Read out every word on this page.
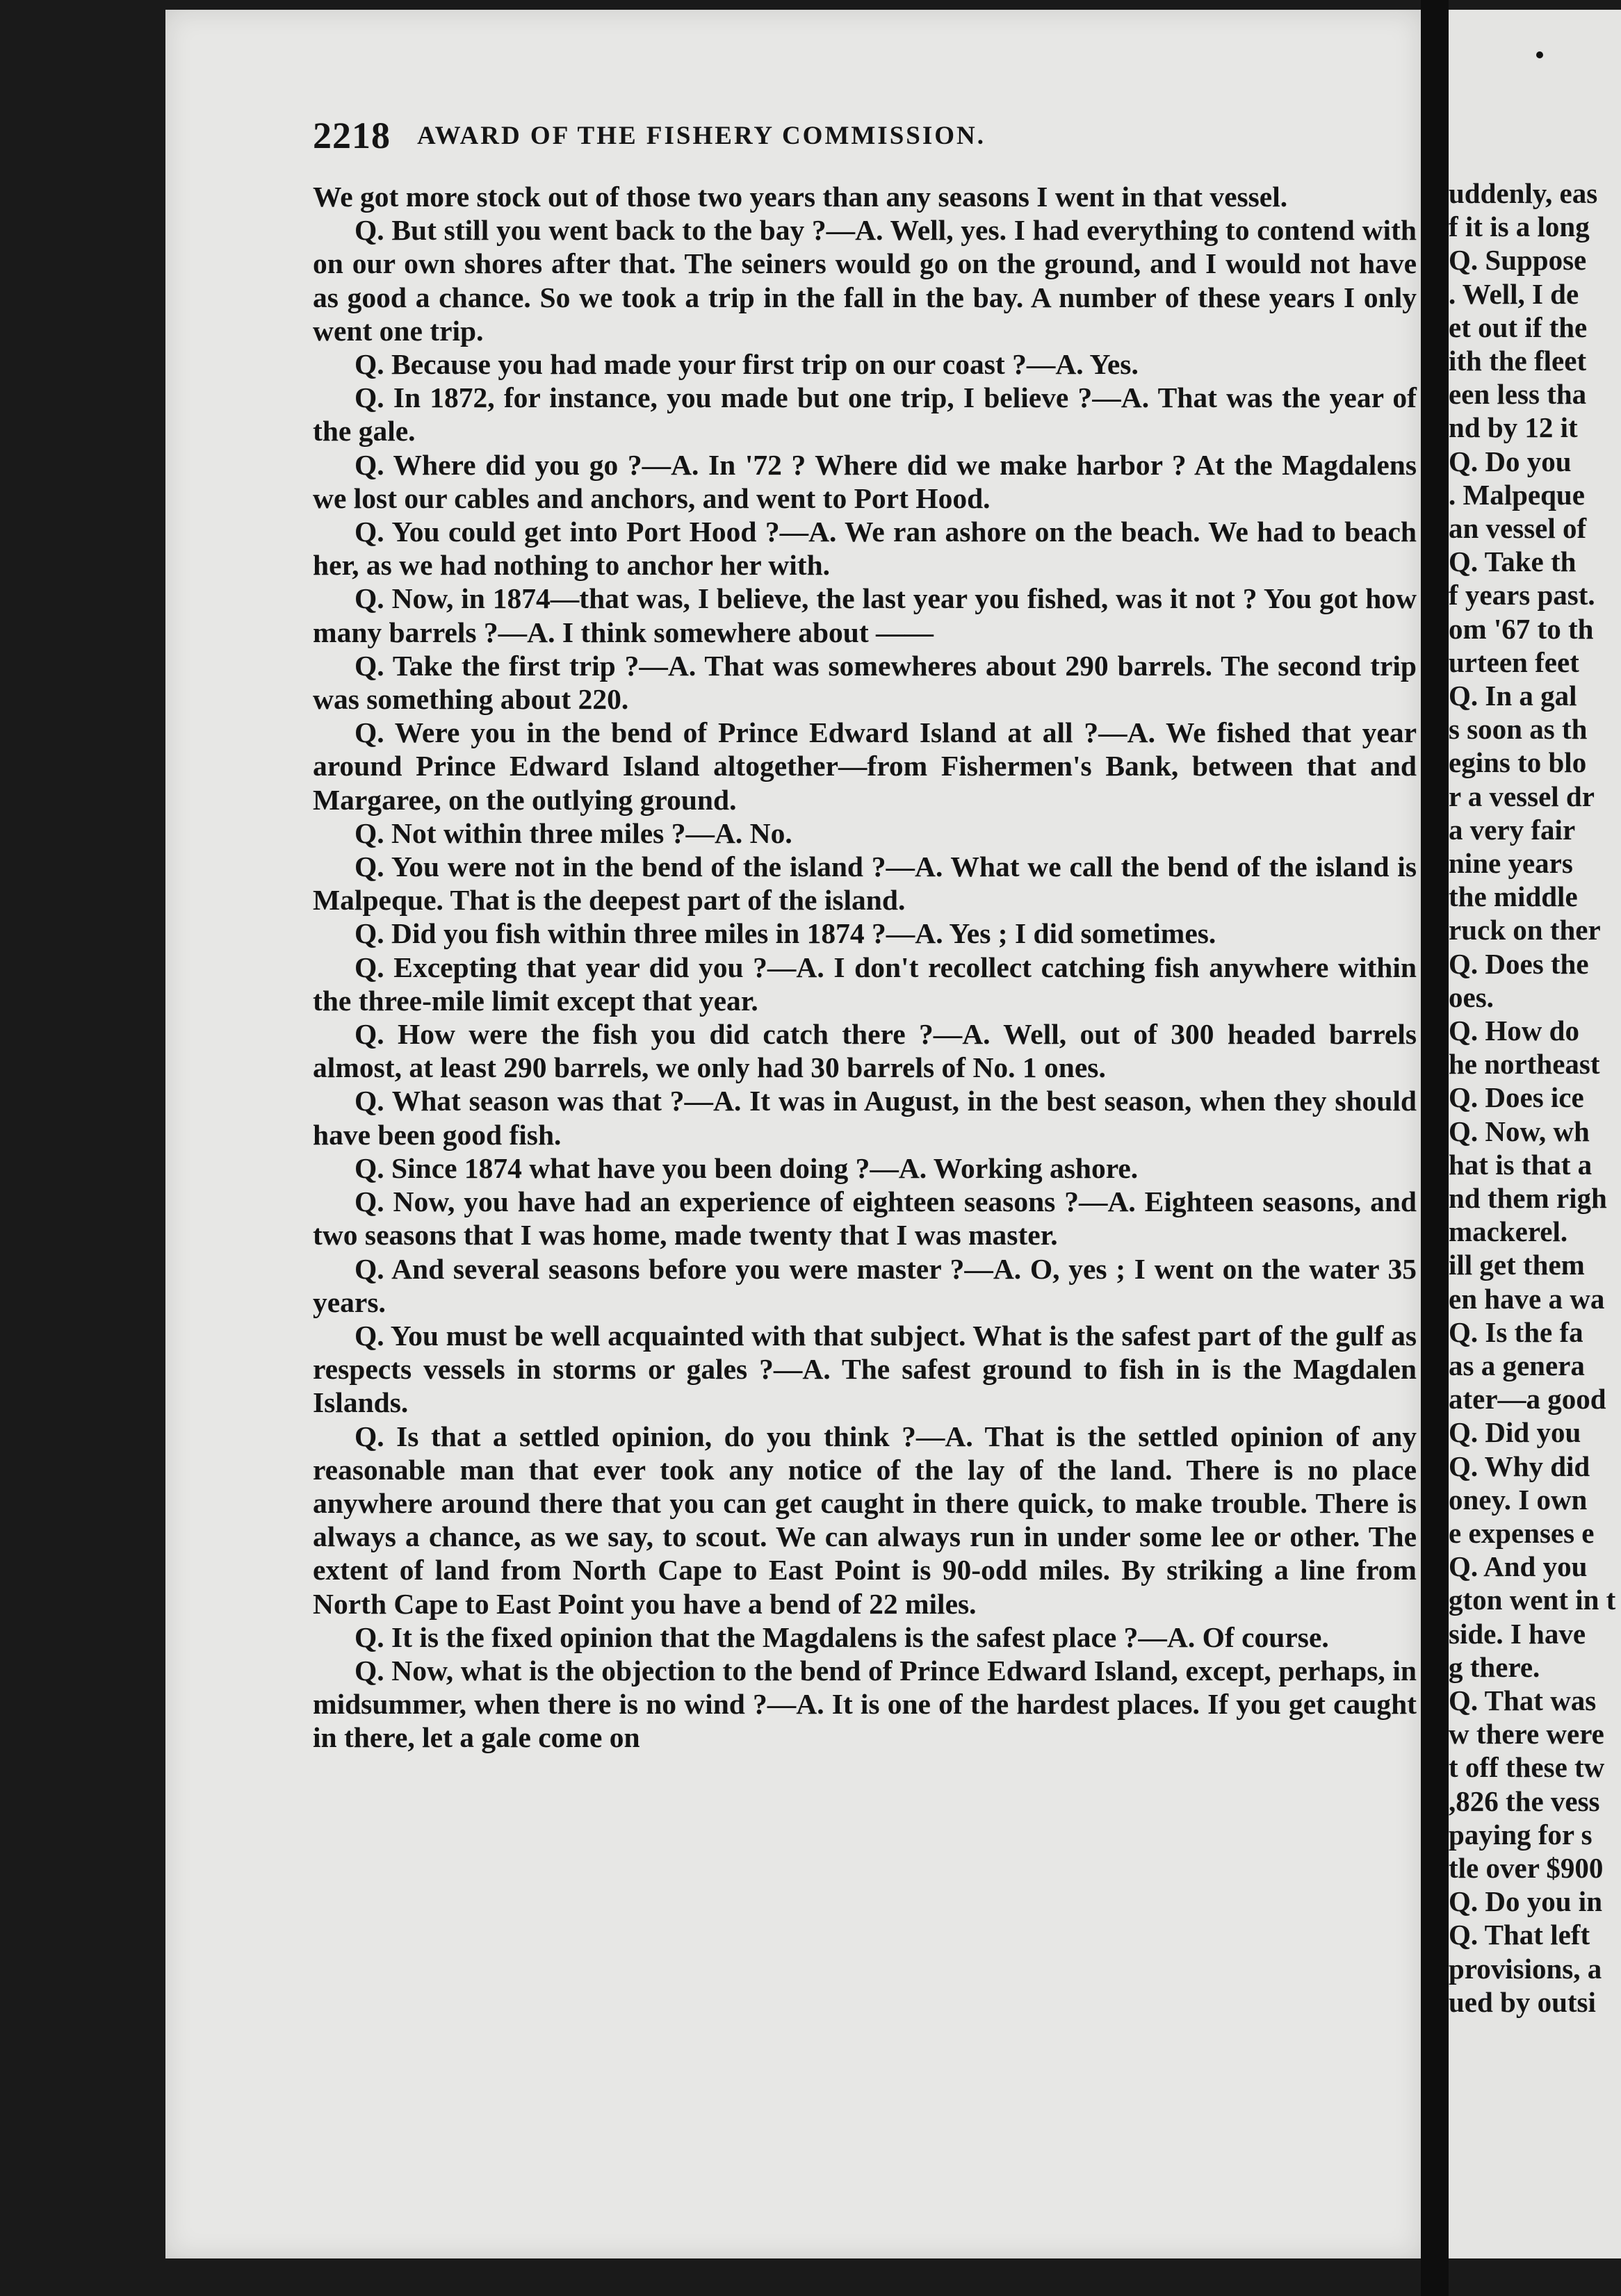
2218 AWARD OF THE FISHERY COMMISSION.

We got more stock out of those two years than any seasons I went in that vessel.

Q. But still you went back to the bay ?—A. Well, yes. I had everything to contend with on our own shores after that. The seiners would go on the ground, and I would not have as good a chance. So we took a trip in the fall in the bay. A number of these years I only went one trip.

Q. Because you had made your first trip on our coast ?—A. Yes.

Q. In 1872, for instance, you made but one trip, I believe ?—A. That was the year of the gale.

Q. Where did you go ?—A. In '72 ? Where did we make harbor ? At the Magdalens we lost our cables and anchors, and went to Port Hood.

Q. You could get into Port Hood ?—A. We ran ashore on the beach. We had to beach her, as we had nothing to anchor her with.

Q. Now, in 1874—that was, I believe, the last year you fished, was it not ? You got how many barrels ?—A. I think somewhere about ——

Q. Take the first trip ?—A. That was somewheres about 290 barrels. The second trip was something about 220.

Q. Were you in the bend of Prince Edward Island at all ?—A. We fished that year around Prince Edward Island altogether—from Fishermen's Bank, between that and Margaree, on the outlying ground.

Q. Not within three miles ?—A. No.

Q. You were not in the bend of the island ?—A. What we call the bend of the island is Malpeque. That is the deepest part of the island.

Q. Did you fish within three miles in 1874 ?—A. Yes ; I did sometimes.

Q. Excepting that year did you ?—A. I don't recollect catching fish anywhere within the three-mile limit except that year.

Q. How were the fish you did catch there ?—A. Well, out of 300 headed barrels almost, at least 290 barrels, we only had 30 barrels of No. 1 ones.

Q. What season was that ?—A. It was in August, in the best season, when they should have been good fish.

Q. Since 1874 what have you been doing ?—A. Working ashore.

Q. Now, you have had an experience of eighteen seasons ?—A. Eighteen seasons, and two seasons that I was home, made twenty that I was master.

Q. And several seasons before you were master ?—A. O, yes ; I went on the water 35 years.

Q. You must be well acquainted with that subject. What is the safest part of the gulf as respects vessels in storms or gales ?—A. The safest ground to fish in is the Magdalen Islands.

Q. Is that a settled opinion, do you think ?—A. That is the settled opinion of any reasonable man that ever took any notice of the lay of the land. There is no place anywhere around there that you can get caught in there quick, to make trouble. There is always a chance, as we say, to scout. We can always run in under some lee or other. The extent of land from North Cape to East Point is 90-odd miles. By striking a line from North Cape to East Point you have a bend of 22 miles.

Q. It is the fixed opinion that the Magdalens is the safest place ?—A. Of course.

Q. Now, what is the objection to the bend of Prince Edward Island, except, perhaps, in midsummer, when there is no wind ?—A. It is one of the hardest places. If you get caught in there, let a gale come on

uddenly, eas
f it is a long
Q. Suppose
. Well, I de
et out if the
ith the fleet
een less tha
nd by 12 it
Q. Do you
. Malpeque
an vessel of
Q. Take th
f years past.
om '67 to th
urteen feet
Q. In a gal
s soon as th
egins to blo
r a vessel dr
a very fair
nine years
the middle
ruck on ther
Q. Does the
oes.
Q. How do
he northeast
Q. Does ice
Q. Now, wh
hat is that a
nd them righ
mackerel.
ill get them
en have a wa
Q. Is the fa
as a genera
ater—a good
Q. Did you
Q. Why did
oney. I own
e expenses e
Q. And you
gton went in t
side. I have
g there.
Q. That was
w there were
t off these tw
,826 the vess
paying for s
tle over $900
Q. Do you in
Q. That left
provisions, a
ued by outsi
